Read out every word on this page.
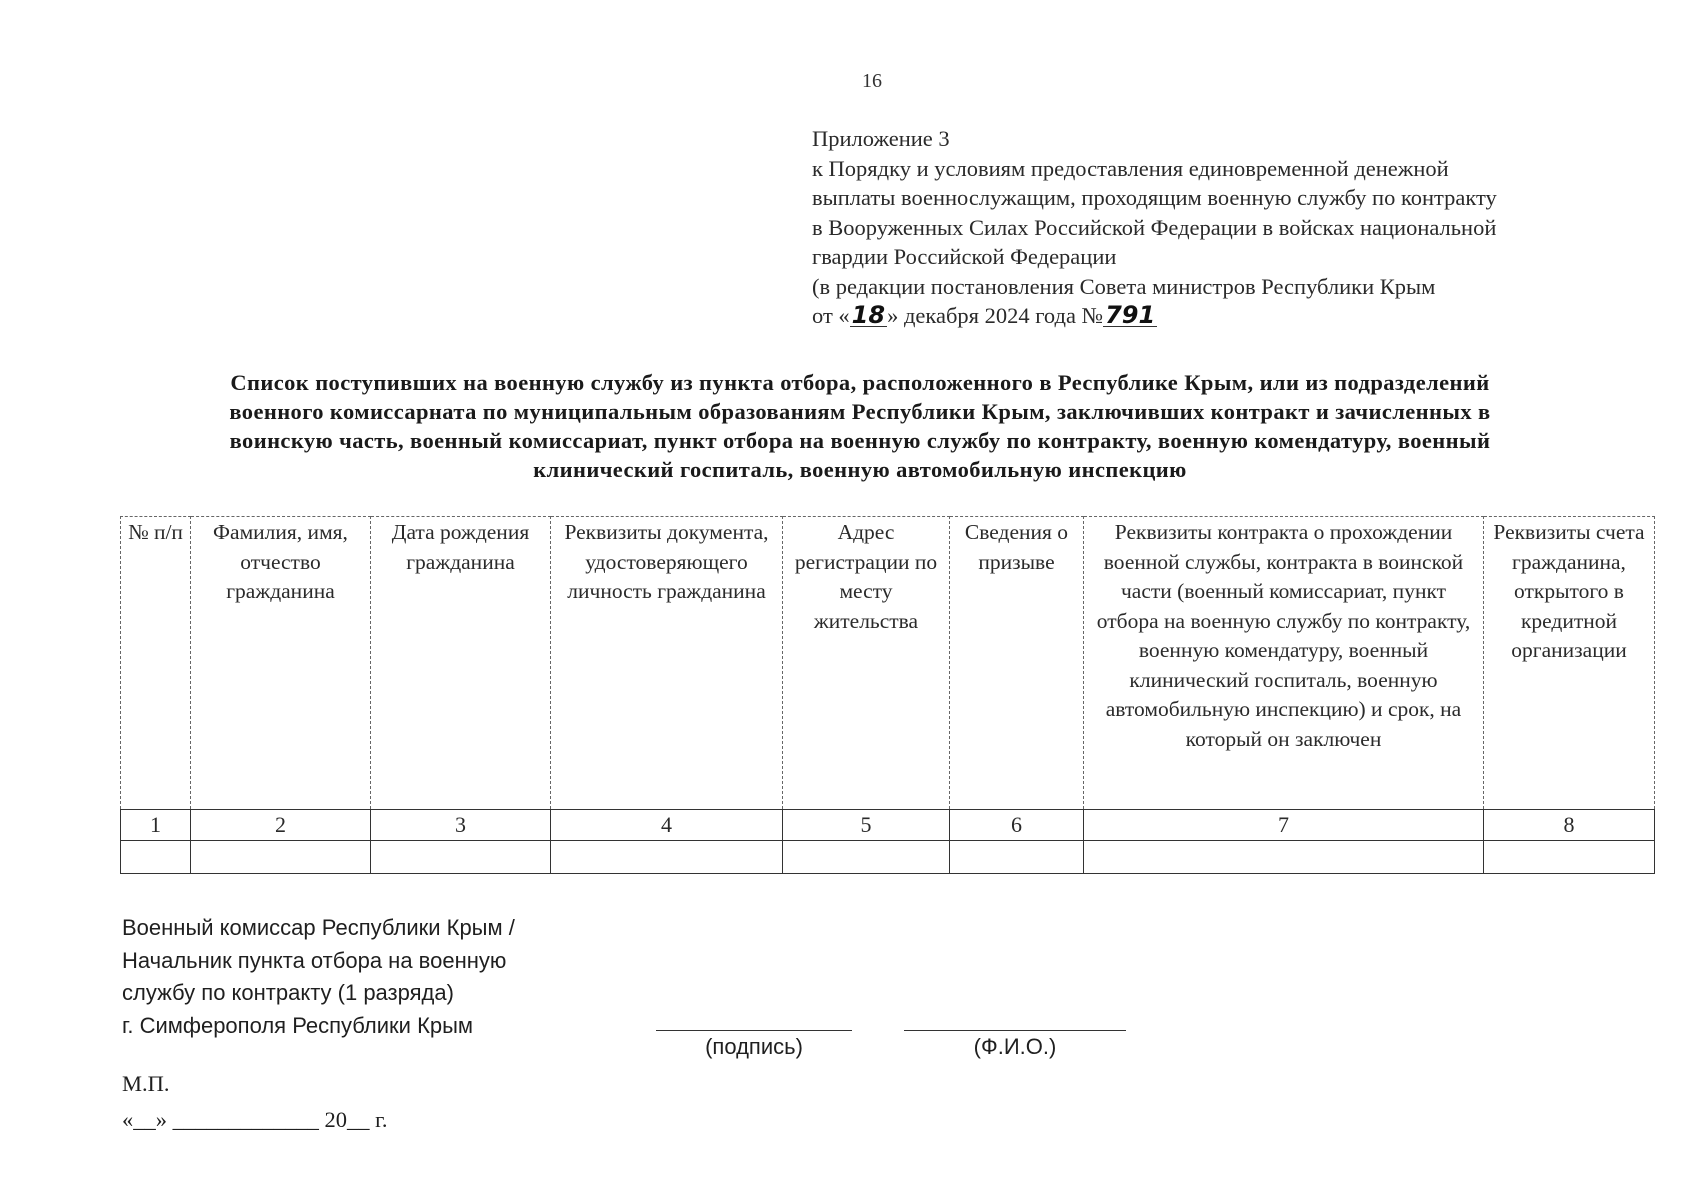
16
Приложение 3
к Порядку и условиям предоставления единовременной денежной
выплаты военнослужащим, проходящим военную службу по контракту
в Вооруженных Силах Российской Федерации в войсках национальной
гвардии Российской Федерации
(в редакции постановления Совета министров Республики Крым
от «18» декабря 2024 года №791
Список поступивших на военную службу из пункта отбора, расположенного в Республике Крым, или из подразделений
военного комиссарната по муниципальным образованиям Республики Крым, заключивших контракт и зачисленных в
воинскую часть, военный комиссариат, пункт отбора на военную службу по контракту, военную комендатуру, военный
клинический госпиталь, военную автомобильную инспекцию
№ п/п	Фамилия, имя, отчество гражданина	Дата рождения гражданина	Реквизиты документа, удостоверяющего личность гражданина	Адрес регистрации по месту жительства	Сведения о призыве	Реквизиты контракта о прохождении военной службы, контракта в воинской части (военный комиссариат, пункт отбора на военную службу по контракту, военную комендатуру, военный клинический госпиталь, военную автомобильную инспекцию) и срок, на который он заключен	Реквизиты счета гражданина, открытого в кредитной организации
1	2	3	4	5	6	7	8

Военный комиссар Республики Крым /
Начальник пункта отбора на военную
службу по контракту (1 разряда)
г. Симферополя Республики Крым
(подпись)	(Ф.И.О.)
М.П.
«__» _____________ 20__ г.
